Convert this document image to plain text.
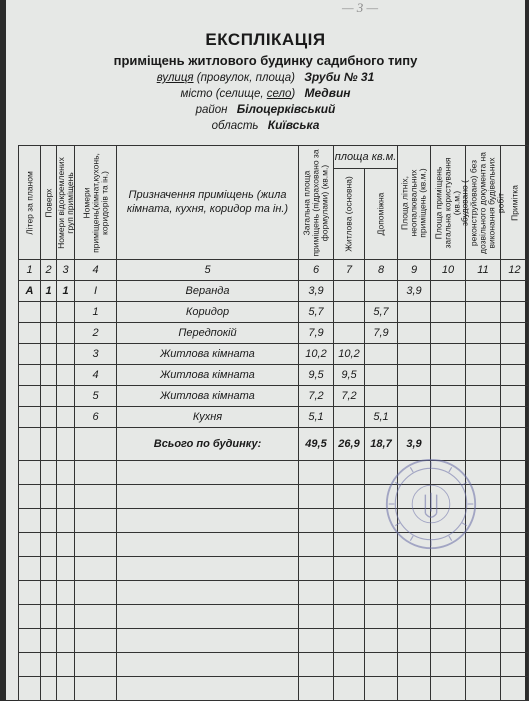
— 3 —
ЕКСПЛІКАЦІЯ
приміщень житлового будинку садибного типу
вулиця (провулок, площа) Зруби № 31
місто (селище, село) Медвин
район Білоцерківський
область Київська
Літер за планом	Поверх	Номери відокремлених груп приміщень	Номери приміщень(кімнат,кухонь, коридорів та ін.)	Призначення приміщень (жила кімната, кухня, коридор та ін.)	Загальна площа приміщень (підраховано за формулами) (кв.м.)	площа кв.м.		Площа літніх, неопалювальних приміщень (кв.м.)	Площа приміщень загальна користування (кв.м.)	збудовано ( реконструйовано) без дозвільного документа на виконання будівельних робіт	Примітка

						Житлова (основна)	Допоміжна				

1	2	3	4	5	6	7	8	9	10	11	12
А	1	1	I	Веранда	3,9			3,9			
			1	Коридор	5,7		5,7				
			2	Передпокій	7,9		7,9				
			3	Житлова кімната	10,2	10,2					
			4	Житлова кімната	9,5	9,5					
			5	Житлова кімната	7,2	7,2					
			6	Кухня	5,1		5,1				
				Всього по будинку:	49,5	26,9	18,7	3,9			
